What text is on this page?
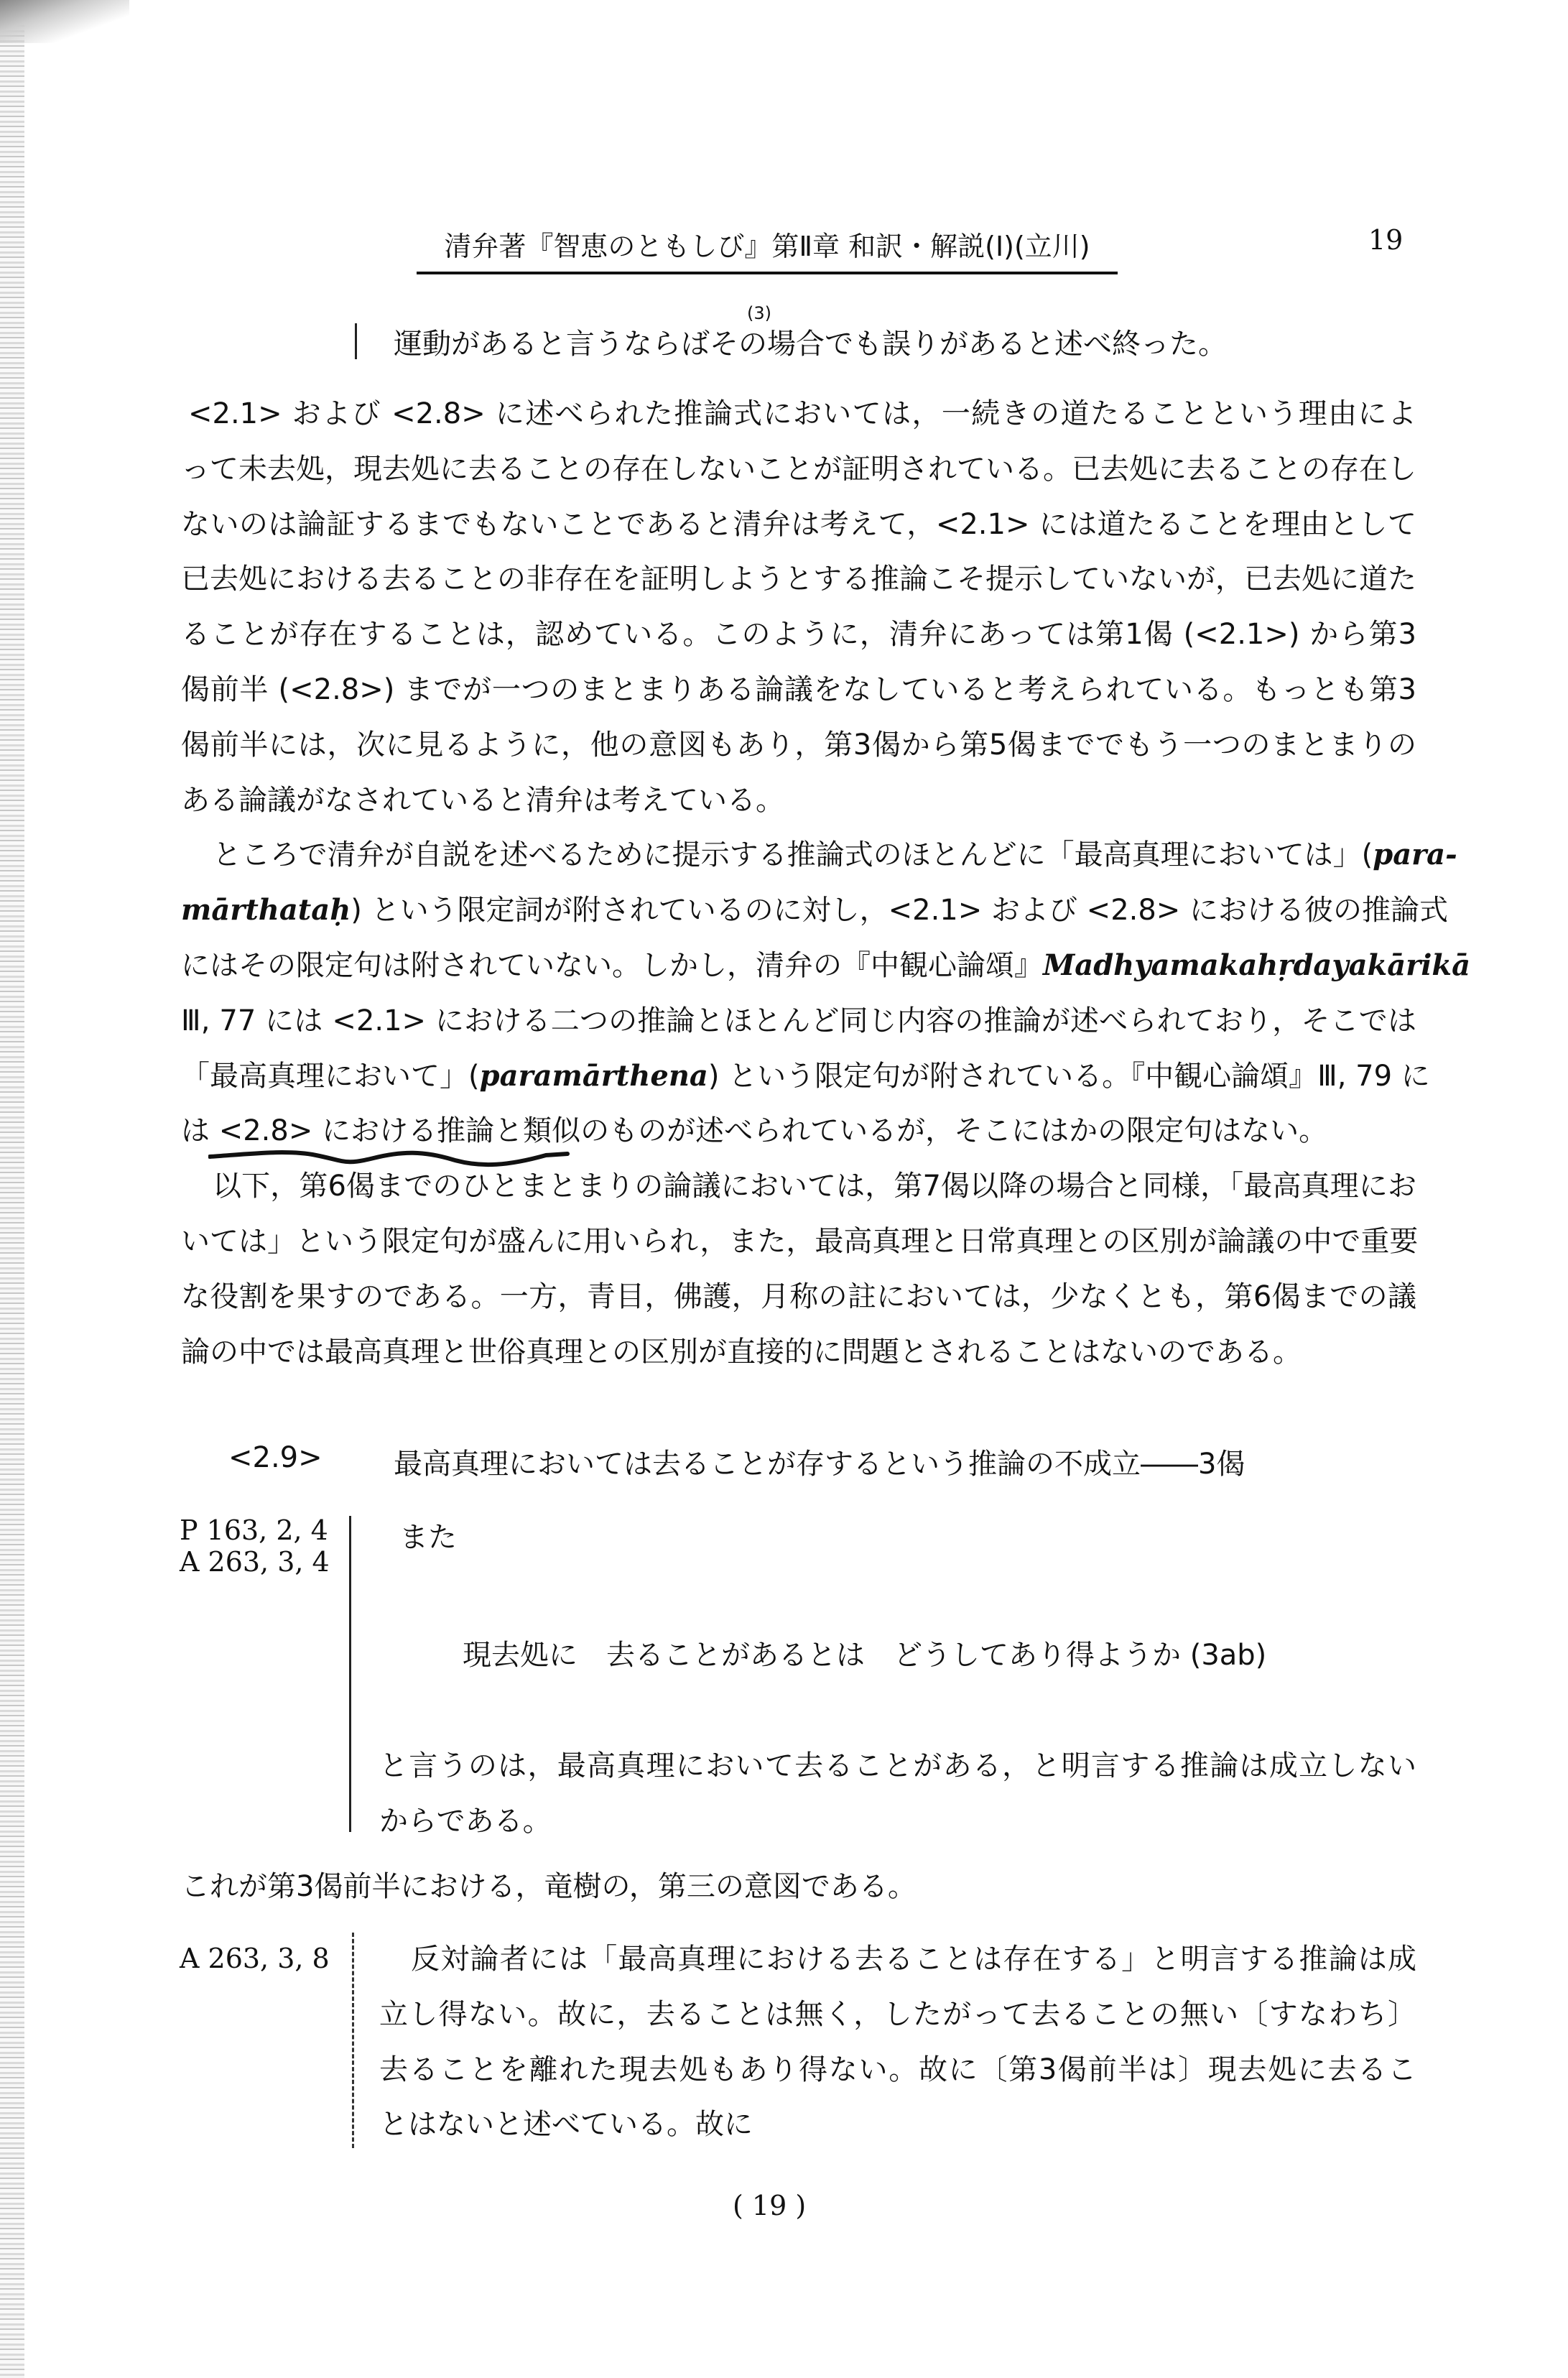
清弁著『智恵のともしび』第Ⅱ章 和訳・解説(Ⅰ)(立川)	19
(3)
運動があると言うならばその場合でも誤りがあると述べ終った。
<2.1> および <2.8> に述べられた推論式においては，一続きの道たることという理由によ
って未去処，現去処に去ることの存在しないことが証明されている。已去処に去ることの存在し
ないのは論証するまでもないことであると清弁は考えて，<2.1> には道たることを理由として
已去処における去ることの非存在を証明しようとする推論こそ提示していないが，已去処に道た
ることが存在することは，認めている。このように，清弁にあっては第1偈 (<2.1>) から第3
偈前半 (<2.8>) までが一つのまとまりある論議をなしていると考えられている。もっとも第3
偈前半には，次に見るように，他の意図もあり，第3偈から第5偈まででもう一つのまとまりの
ある論議がなされていると清弁は考えている。
ところで清弁が自説を述べるために提示する推論式のほとんどに「最高真理においては」(para-
mārthataḥ) という限定詞が附されているのに対し，<2.1> および <2.8> における彼の推論式
にはその限定句は附されていない。しかし，清弁の『中観心論頌』Madhyamakahṛdayakārikā
Ⅲ, 77 には <2.1> における二つの推論とほとんど同じ内容の推論が述べられており，そこでは
「最高真理において」(paramārthena) という限定句が附されている。『中観心論頌』Ⅲ, 79 に
は <2.8> における推論と類似のものが述べられているが，そこにはかの限定句はない。
以下，第6偈までのひとまとまりの論議においては，第7偈以降の場合と同様，「最高真理にお
いては」という限定句が盛んに用いられ，また，最高真理と日常真理との区別が論議の中で重要
な役割を果すのである。一方，青目，佛護，月称の註においては，少なくとも，第6偈までの議
論の中では最高真理と世俗真理との区別が直接的に問題とされることはないのである。
<2.9> 最高真理においては去ることが存するという推論の不成立――3偈
P 163, 2, 4
A 263, 3, 4
また
現去処に　去ることがあるとは　どうしてあり得ようか (3ab)
と言うのは，最高真理において去ることがある，と明言する推論は成立しない
からである。
これが第3偈前半における，竜樹の，第三の意図である。
A 263, 3, 8	反対論者には「最高真理における去ることは存在する」と明言する推論は成
立し得ない。故に，去ることは無く，したがって去ることの無い〔すなわち〕
去ることを離れた現去処もあり得ない。故に〔第3偈前半は〕現去処に去るこ
とはないと述べている。故に
( 19 )
